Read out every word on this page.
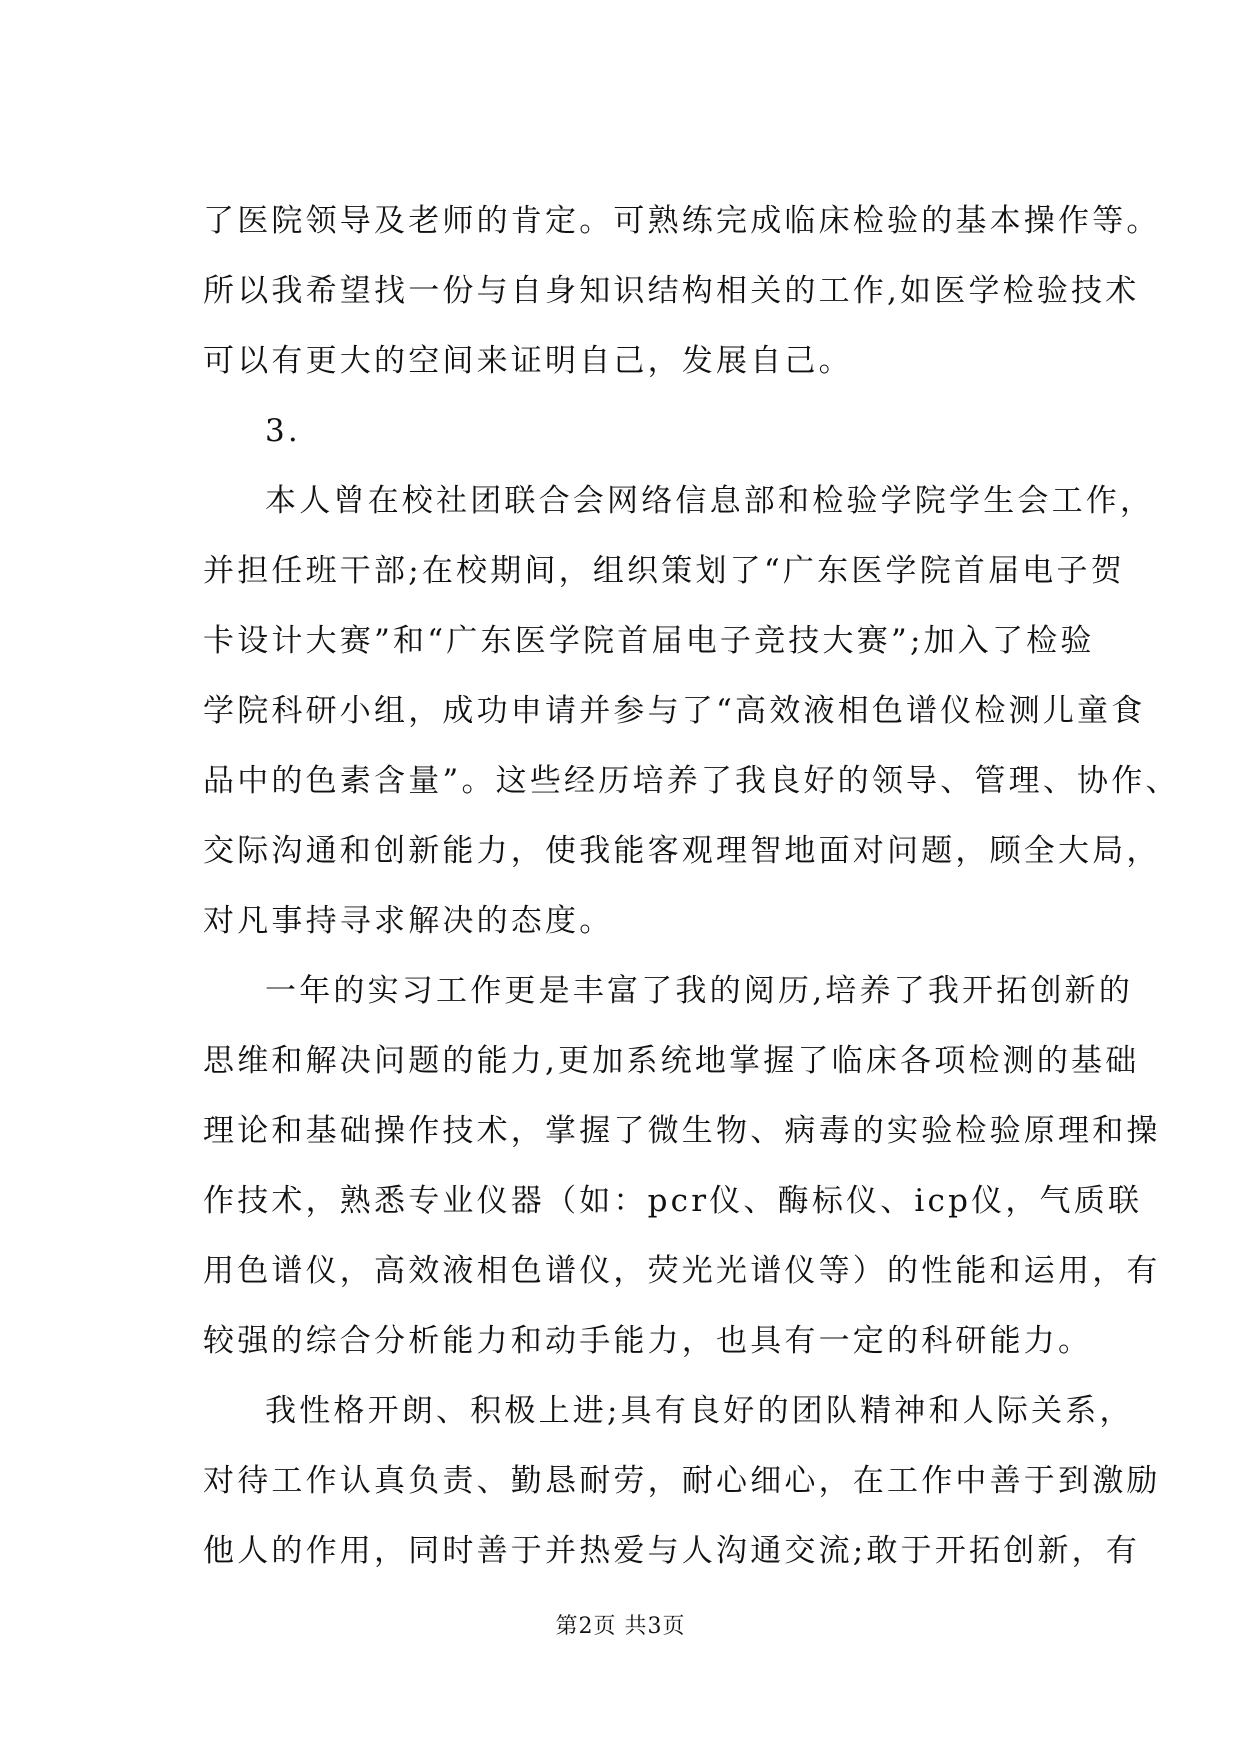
了医院领导及老师的肯定。可熟练完成临床检验的基本操作等。
所以我希望找一份与自身知识结构相关的工作,如医学检验技术
可以有更大的空间来证明自己，发展自己。
3.
本人曾在校社团联合会网络信息部和检验学院学生会工作，
并担任班干部;在校期间，组织策划了“广东医学院首届电子贺
卡设计大赛”和“广东医学院首届电子竞技大赛”;加入了检验
学院科研小组，成功申请并参与了“高效液相色谱仪检测儿童食
品中的色素含量”。这些经历培养了我良好的领导、管理、协作、
交际沟通和创新能力，使我能客观理智地面对问题，顾全大局，
对凡事持寻求解决的态度。
一年的实习工作更是丰富了我的阅历,培养了我开拓创新的
思维和解决问题的能力,更加系统地掌握了临床各项检测的基础
理论和基础操作技术，掌握了微生物、病毒的实验检验原理和操
作技术，熟悉专业仪器（如：pcr仪、酶标仪、icp仪，气质联
用色谱仪，高效液相色谱仪，荧光光谱仪等）的性能和运用，有
较强的综合分析能力和动手能力，也具有一定的科研能力。
我性格开朗、积极上进;具有良好的团队精神和人际关系，
对待工作认真负责、勤恳耐劳，耐心细心，在工作中善于到激励
他人的作用，同时善于并热爱与人沟通交流;敢于开拓创新，有
第2页 共3页
